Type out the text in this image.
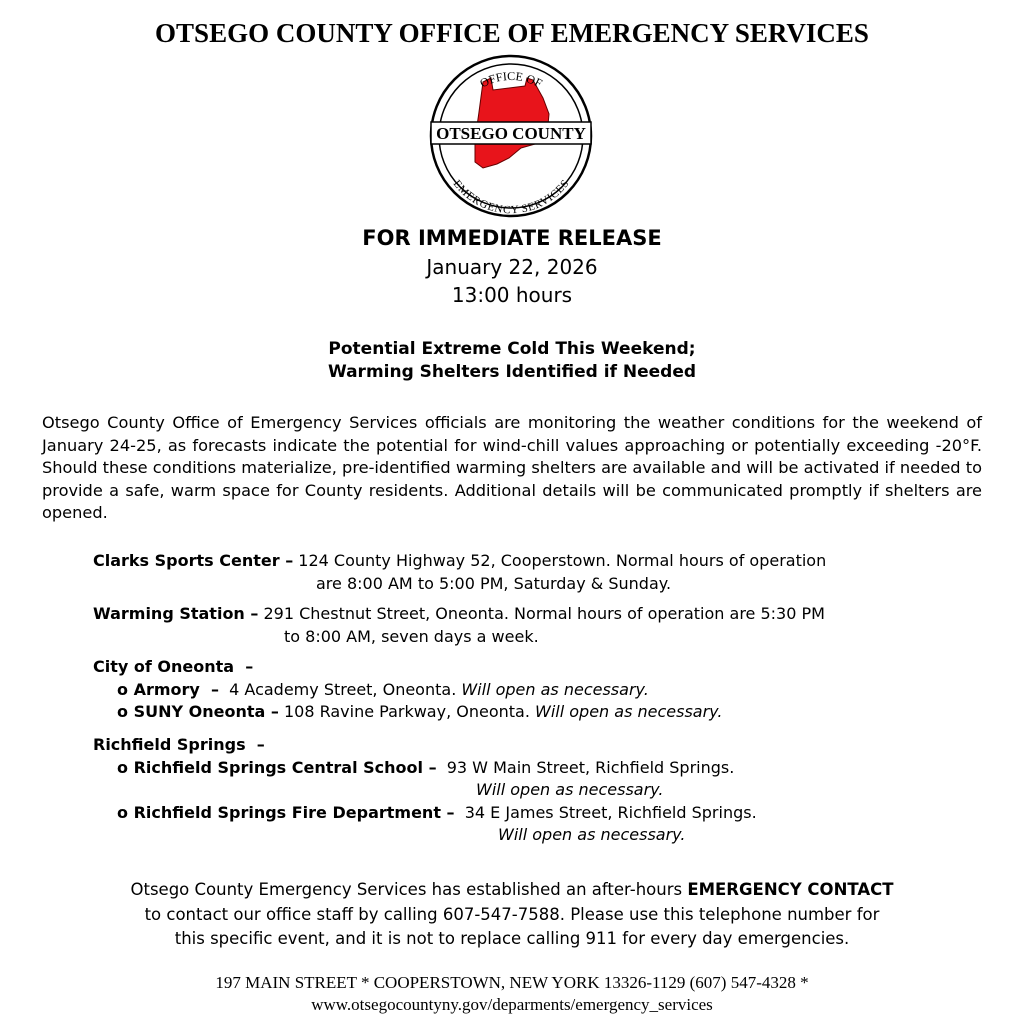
OTSEGO COUNTY OFFICE OF EMERGENCY SERVICES
OTSEGO COUNTY
OFFICE OF
EMERGENCY SERVICES
FOR IMMEDIATE RELEASE
January 22, 2026
13:00 hours
Potential Extreme Cold This Weekend;
Warming Shelters Identified if Needed
Otsego County Office of Emergency Services officials are monitoring the weather conditions for the weekend of January 24-25, as forecasts indicate the potential for wind-chill values approaching or potentially exceeding -20°F. Should these conditions materialize, pre-identified warming shelters are available and will be activated if needed to provide a safe, warm space for County residents. Additional details will be communicated promptly if shelters are opened.
Clarks Sports Center – 124 County Highway 52, Cooperstown. Normal hours of operation
are 8:00 AM to 5:00 PM, Saturday & Sunday.
Warming Station – 291 Chestnut Street, Oneonta. Normal hours of operation are 5:30 PM
to 8:00 AM, seven days a week.
City of Oneonta  –
o Armory  –  4 Academy Street, Oneonta. Will open as necessary.
o SUNY Oneonta – 108 Ravine Parkway, Oneonta. Will open as necessary.
Richfield Springs  –
o Richfield Springs Central School –  93 W Main Street, Richfield Springs.
Will open as necessary.
o Richfield Springs Fire Department –  34 E James Street, Richfield Springs.
Will open as necessary.
Otsego County Emergency Services has established an after-hours EMERGENCY CONTACT
to contact our office staff by calling 607-547-7588. Please use this telephone number for
this specific event, and it is not to replace calling 911 for every day emergencies.
197 MAIN STREET * COOPERSTOWN, NEW YORK 13326-1129 (607) 547-4328 *
www.otsegocountyny.gov/deparments/emergency_services
